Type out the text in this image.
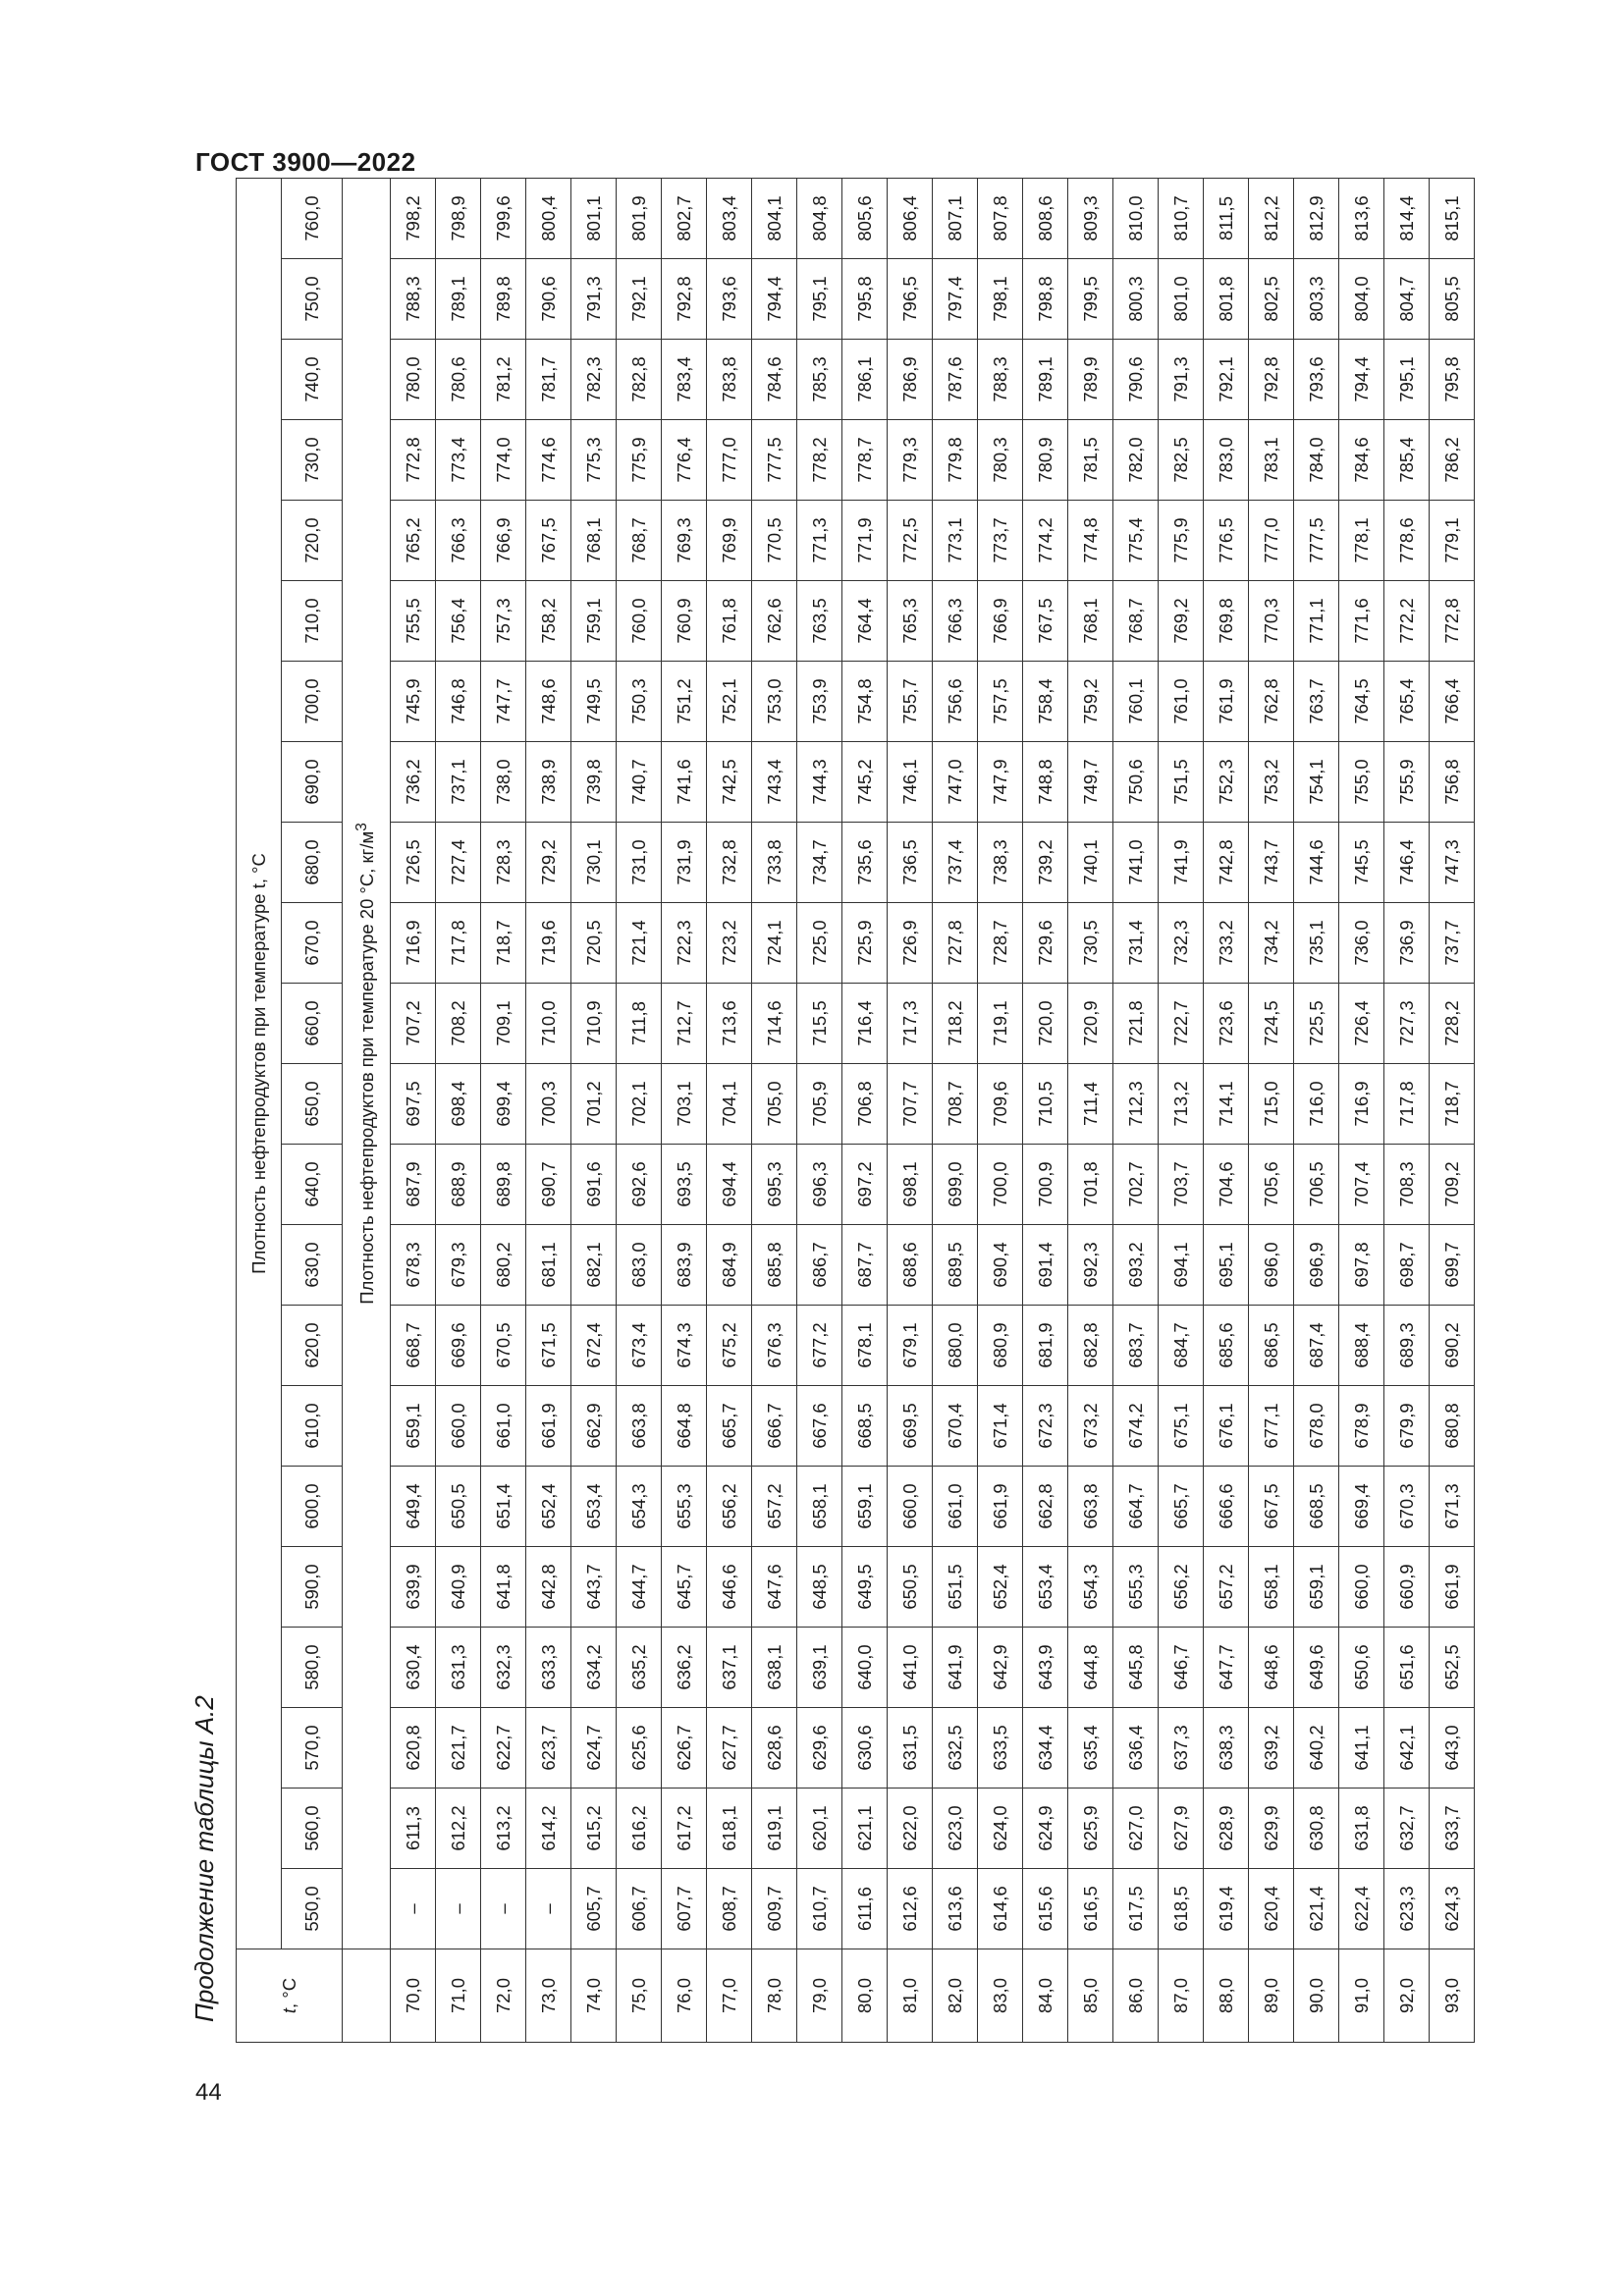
ГОСТ 3900—2022
44
Продолжение таблицы А.2	t, °C	Плотность нефтепродуктов при температуре t, °C																					
	550,0	560,0	570,0	580,0	590,0	600,0	610,0	620,0	630,0	640,0	650,0	660,0	670,0	680,0	690,0	700,0	710,0	720,0	730,0	740,0	750,0	760,0
	Плотность нефтепродуктов при температуре 20 °C, $кг/м^3$
70,0	–	611,3	620,8	630,4	639,9	649,4	659,1	668,7	678,3	687,9	697,5	707,2	716,9	726,5	736,2	745,9	755,5	765,2	772,8	780,0	788,3	798,2
71,0	–	612,2	621,7	631,3	640,9	650,5	660,0	669,6	679,3	688,9	698,4	708,2	717,8	727,4	737,1	746,8	756,4	766,3	773,4	780,6	789,1	798,9
72,0	–	613,2	622,7	632,3	641,8	651,4	661,0	670,5	680,2	689,8	699,4	709,1	718,7	728,3	738,0	747,7	757,3	766,9	774,0	781,2	789,8	799,6
73,0	–	614,2	623,7	633,3	642,8	652,4	661,9	671,5	681,1	690,7	700,3	710,0	719,6	729,2	738,9	748,6	758,2	767,5	774,6	781,7	790,6	800,4
74,0	605,7	615,2	624,7	634,2	643,7	653,4	662,9	672,4	682,1	691,6	701,2	710,9	720,5	730,1	739,8	749,5	759,1	768,1	775,3	782,3	791,3	801,1
75,0	606,7	616,2	625,6	635,2	644,7	654,3	663,8	673,4	683,0	692,6	702,1	711,8	721,4	731,0	740,7	750,3	760,0	768,7	775,9	782,8	792,1	801,9
76,0	607,7	617,2	626,7	636,2	645,7	655,3	664,8	674,3	683,9	693,5	703,1	712,7	722,3	731,9	741,6	751,2	760,9	769,3	776,4	783,4	792,8	802,7
77,0	608,7	618,1	627,7	637,1	646,6	656,2	665,7	675,2	684,9	694,4	704,1	713,6	723,2	732,8	742,5	752,1	761,8	769,9	777,0	783,8	793,6	803,4
78,0	609,7	619,1	628,6	638,1	647,6	657,2	666,7	676,3	685,8	695,3	705,0	714,6	724,1	733,8	743,4	753,0	762,6	770,5	777,5	784,6	794,4	804,1
79,0	610,7	620,1	629,6	639,1	648,5	658,1	667,6	677,2	686,7	696,3	705,9	715,5	725,0	734,7	744,3	753,9	763,5	771,3	778,2	785,3	795,1	804,8
80,0	611,6	621,1	630,6	640,0	649,5	659,1	668,5	678,1	687,7	697,2	706,8	716,4	725,9	735,6	745,2	754,8	764,4	771,9	778,7	786,1	795,8	805,6
81,0	612,6	622,0	631,5	641,0	650,5	660,0	669,5	679,1	688,6	698,1	707,7	717,3	726,9	736,5	746,1	755,7	765,3	772,5	779,3	786,9	796,5	806,4
82,0	613,6	623,0	632,5	641,9	651,5	661,0	670,4	680,0	689,5	699,0	708,7	718,2	727,8	737,4	747,0	756,6	766,3	773,1	779,8	787,6	797,4	807,1
83,0	614,6	624,0	633,5	642,9	652,4	661,9	671,4	680,9	690,4	700,0	709,6	719,1	728,7	738,3	747,9	757,5	766,9	773,7	780,3	788,3	798,1	807,8
84,0	615,6	624,9	634,4	643,9	653,4	662,8	672,3	681,9	691,4	700,9	710,5	720,0	729,6	739,2	748,8	758,4	767,5	774,2	780,9	789,1	798,8	808,6
85,0	616,5	625,9	635,4	644,8	654,3	663,8	673,2	682,8	692,3	701,8	711,4	720,9	730,5	740,1	749,7	759,2	768,1	774,8	781,5	789,9	799,5	809,3
86,0	617,5	627,0	636,4	645,8	655,3	664,7	674,2	683,7	693,2	702,7	712,3	721,8	731,4	741,0	750,6	760,1	768,7	775,4	782,0	790,6	800,3	810,0
87,0	618,5	627,9	637,3	646,7	656,2	665,7	675,1	684,7	694,1	703,7	713,2	722,7	732,3	741,9	751,5	761,0	769,2	775,9	782,5	791,3	801,0	810,7
88,0	619,4	628,9	638,3	647,7	657,2	666,6	676,1	685,6	695,1	704,6	714,1	723,6	733,2	742,8	752,3	761,9	769,8	776,5	783,0	792,1	801,8	811,5
89,0	620,4	629,9	639,2	648,6	658,1	667,5	677,1	686,5	696,0	705,6	715,0	724,5	734,2	743,7	753,2	762,8	770,3	777,0	783,1	792,8	802,5	812,2
90,0	621,4	630,8	640,2	649,6	659,1	668,5	678,0	687,4	696,9	706,5	716,0	725,5	735,1	744,6	754,1	763,7	771,1	777,5	784,0	793,6	803,3	812,9
91,0	622,4	631,8	641,1	650,6	660,0	669,4	678,9	688,4	697,8	707,4	716,9	726,4	736,0	745,5	755,0	764,5	771,6	778,1	784,6	794,4	804,0	813,6
92,0	623,3	632,7	642,1	651,6	660,9	670,3	679,9	689,3	698,7	708,3	717,8	727,3	736,9	746,4	755,9	765,4	772,2	778,6	785,4	795,1	804,7	814,4
93,0	624,3	633,7	643,0	652,5	661,9	671,3	680,8	690,2	699,7	709,2	718,7	728,2	737,7	747,3	756,8	766,4	772,8	779,1	786,2	795,8	805,5	815,1
